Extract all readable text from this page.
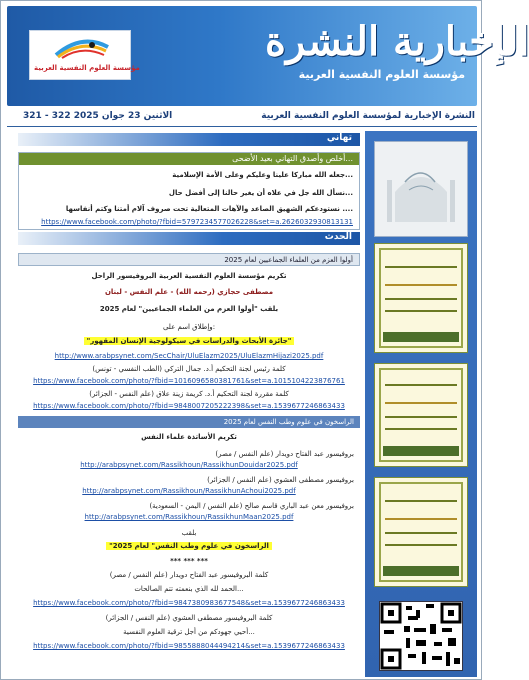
مؤسسة العلوم النفسية العربية
الإخبارية النشرة
مؤسسة العلوم النفسية العربية
النشرة الإخبارية لمؤسسة العلوم النفسية العربية
321 - 322 الاثنين 23 جوان 2025
تهاني
أخلص وأصدق التهاني بعيد الأضحى...
جعله الله مباركا علينا وعليكم وعلى الأمة الإسلامية...
نسأل الله جل في علاه أن يغير حالنا إلى أفضل حال...
نستودعكم الشهيق الصاعد والآهات المتعالية تحت صروف آلام أمتنا وكتم أنفاسها ....
https://www.facebook.com/photo/?fbid=5797234577026228&set=a.2626032930813131
الحدث
أولوا العزم من العلماء الجماعيين لعام 2025
تكريم مؤسسة العلوم النفسية العربية البروفيسور الراحل
مصطفى حجازي (رحمه الله) - علم النفس - لبنان
بلقب "أولوا العزم من العلماء الجماعيين" لعام 2025
وإطلاق اسم على:
"جائزة الأبحاث والدراسات في سيكولوجية الإنسان المقهور"
http://www.arabpsynet.com/SecChair/UluElazm2025/UluElazmHijazi2025.pdf
كلمة رئيس لجنة التحكيم أ.د. جمال التركي (الطب النفسي - تونس)
https://www.facebook.com/photo/?fbid=1016096580381761&set=a.1015104223876761
كلمة مقررة لجنة التحكيم أ.د. كريمة زينة علاق (علم النفس - الجزائر)
https://www.facebook.com/photo/?fbid=9848007205222398&set=a.1539677246863433
الراسخون في علوم وطب النفس لعام 2025
تكريم الأساتذة علماء النفس
بروفيسور عبد الفتاح دويدار (علم النفس / مصر)
http://arabpsynet.com/Rassikhoun/RassikhunDouidar2025.pdf
بروفيسور مصطفى العشوي (علم النفس / الجزائر)
http://arabpsynet.com/Rassikhoun/RassikhunAchoui2025.pdf
بروفيسور معن عبد الباري قاسم صالح (علم النفس / اليمن - السعودية)
http://arabpsynet.com/Rassikhoun/RassikhunMaan2025.pdf
بلقب
"الراسخون في علوم وطب النفس" لعام 2025
*** *** ***
كلمة البروفيسور عبد الفتاح دويدار (علم النفس / مصر)
الحمد لله الذي بنعمته تتم الصالحات...
https://www.facebook.com/photo/?fbid=9847380983677548&set=a.1539677246863433
كلمة البروفيسور مصطفى العشوي (علم النفس / الجزائر)
أحيي جهودكم من أجل ترقية العلوم النفسية...
https://www.facebook.com/photo/?fbid=9855888044494214&set=a.1539677246863433
